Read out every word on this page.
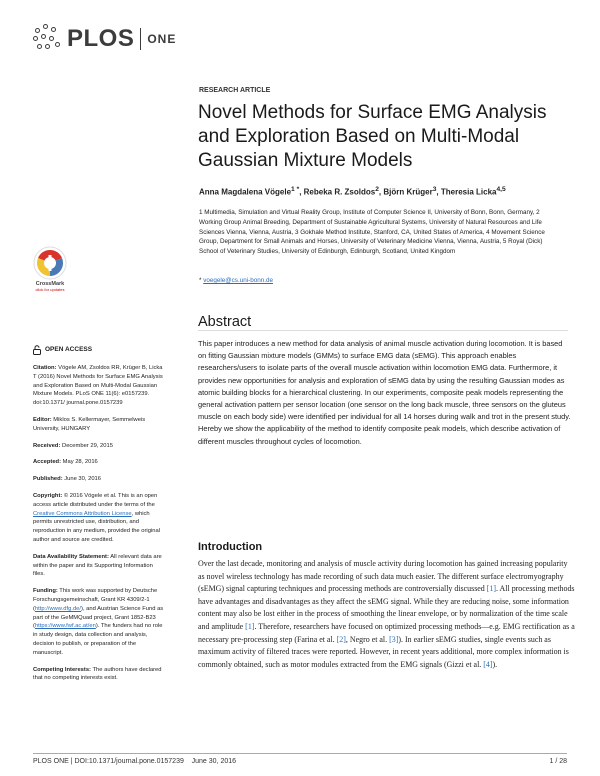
PLOS ONE
RESEARCH ARTICLE
Novel Methods for Surface EMG Analysis and Exploration Based on Multi-Modal Gaussian Mixture Models
Anna Magdalena Vögele$^{1 *}$, Rebeka R. Zsoldos$^2$, Björn Krüger$^3$, Theresia Licka$^{4,5}$
1 Multimedia, Simulation and Virtual Reality Group, Institute of Computer Science II, University of Bonn, Bonn, Germany, 2 Working Group Animal Breeding, Department of Sustainable Agricultural Systems, University of Natural Resources and Life Sciences Vienna, Vienna, Austria, 3 Gokhale Method Institute, Stanford, CA, United States of America, 4 Movement Science Group, Department for Small Animals and Horses, University of Veterinary Medicine Vienna, Vienna, Austria, 5 Royal (Dick) School of Veterinary Studies, University of Edinburgh, Edinburgh, Scotland, United Kingdom
* voegele@cs.uni-bonn.de
CrossMark
click for updates
OPEN ACCESS
Citation: Vögele AM, Zsoldos RR, Krüger B, Licka T (2016) Novel Methods for Surface EMG Analysis and Exploration Based on Multi-Modal Gaussian Mixture Models. PLoS ONE 11(6): e0157239. doi:10.1371/ journal.pone.0157239
Editor: Miklos S. Kellermayer, Semmelweis University, HUNGARY
Received: December 29, 2015
Accepted: May 28, 2016
Published: June 30, 2016
Copyright: © 2016 Vögele et al. This is an open access article distributed under the terms of the Creative Commons Attribution License, which permits unrestricted use, distribution, and reproduction in any medium, provided the original author and source are credited.
Data Availability Statement: All relevant data are within the paper and its Supporting Information files.
Funding: This work was supported by Deutsche Forschungsgemeinschaft, Grant KR 4309/2-1 (http://www.dfg.de/), and Austrian Science Fund as part of the GeMMQuad project, Grant 1852-B23 (https://www.fwf.ac.at/en). The funders had no role in study design, data collection and analysis, decision to publish, or preparation of the manuscript.
Competing Interests: The authors have declared that no competing interests exist.
Abstract
This paper introduces a new method for data analysis of animal muscle activation during locomotion. It is based on fitting Gaussian mixture models (GMMs) to surface EMG data (sEMG). This approach enables researchers/users to isolate parts of the overall muscle activation within locomotion EMG data. Furthermore, it provides new opportunities for analysis and exploration of sEMG data by using the resulting Gaussian modes as atomic building blocks for a hierarchical clustering. In our experiments, composite peak models representing the general activation pattern per sensor location (one sensor on the long back muscle, three sensors on the gluteus muscle on each body side) were identified per individual for all 14 horses during walk and trot in the present study. Hereby we show the applicability of the method to identify composite peak models, which describe activation of different muscles throughout cycles of locomotion.
Introduction
Over the last decade, monitoring and analysis of muscle activity during locomotion has gained increasing popularity as novel wireless technology has made recording of such data much easier. The different surface electromyography (sEMG) signal capturing techniques and processing methods are controversially discussed [1]. All processing methods have advantages and disadvantages as they affect the sEMG signal. While they are reducing noise, some information content may also be lost either in the process of smoothing the linear envelope, or by normalization of the time scale and amplitude [1]. Therefore, researchers have focused on optimized processing methods—e.g. EMG rectification as a necessary pre-processing step (Farina et al. [2], Negro et al. [3]). In earlier sEMG studies, single events such as maximum activity of filtered traces were reported. However, in recent years additional, more complex information is commonly obtained, such as motor modules extracted from the EMG signals (Gizzi et al. [4]).
PLOS ONE | DOI:10.1371/journal.pone.0157239    June 30, 2016	1 / 28
